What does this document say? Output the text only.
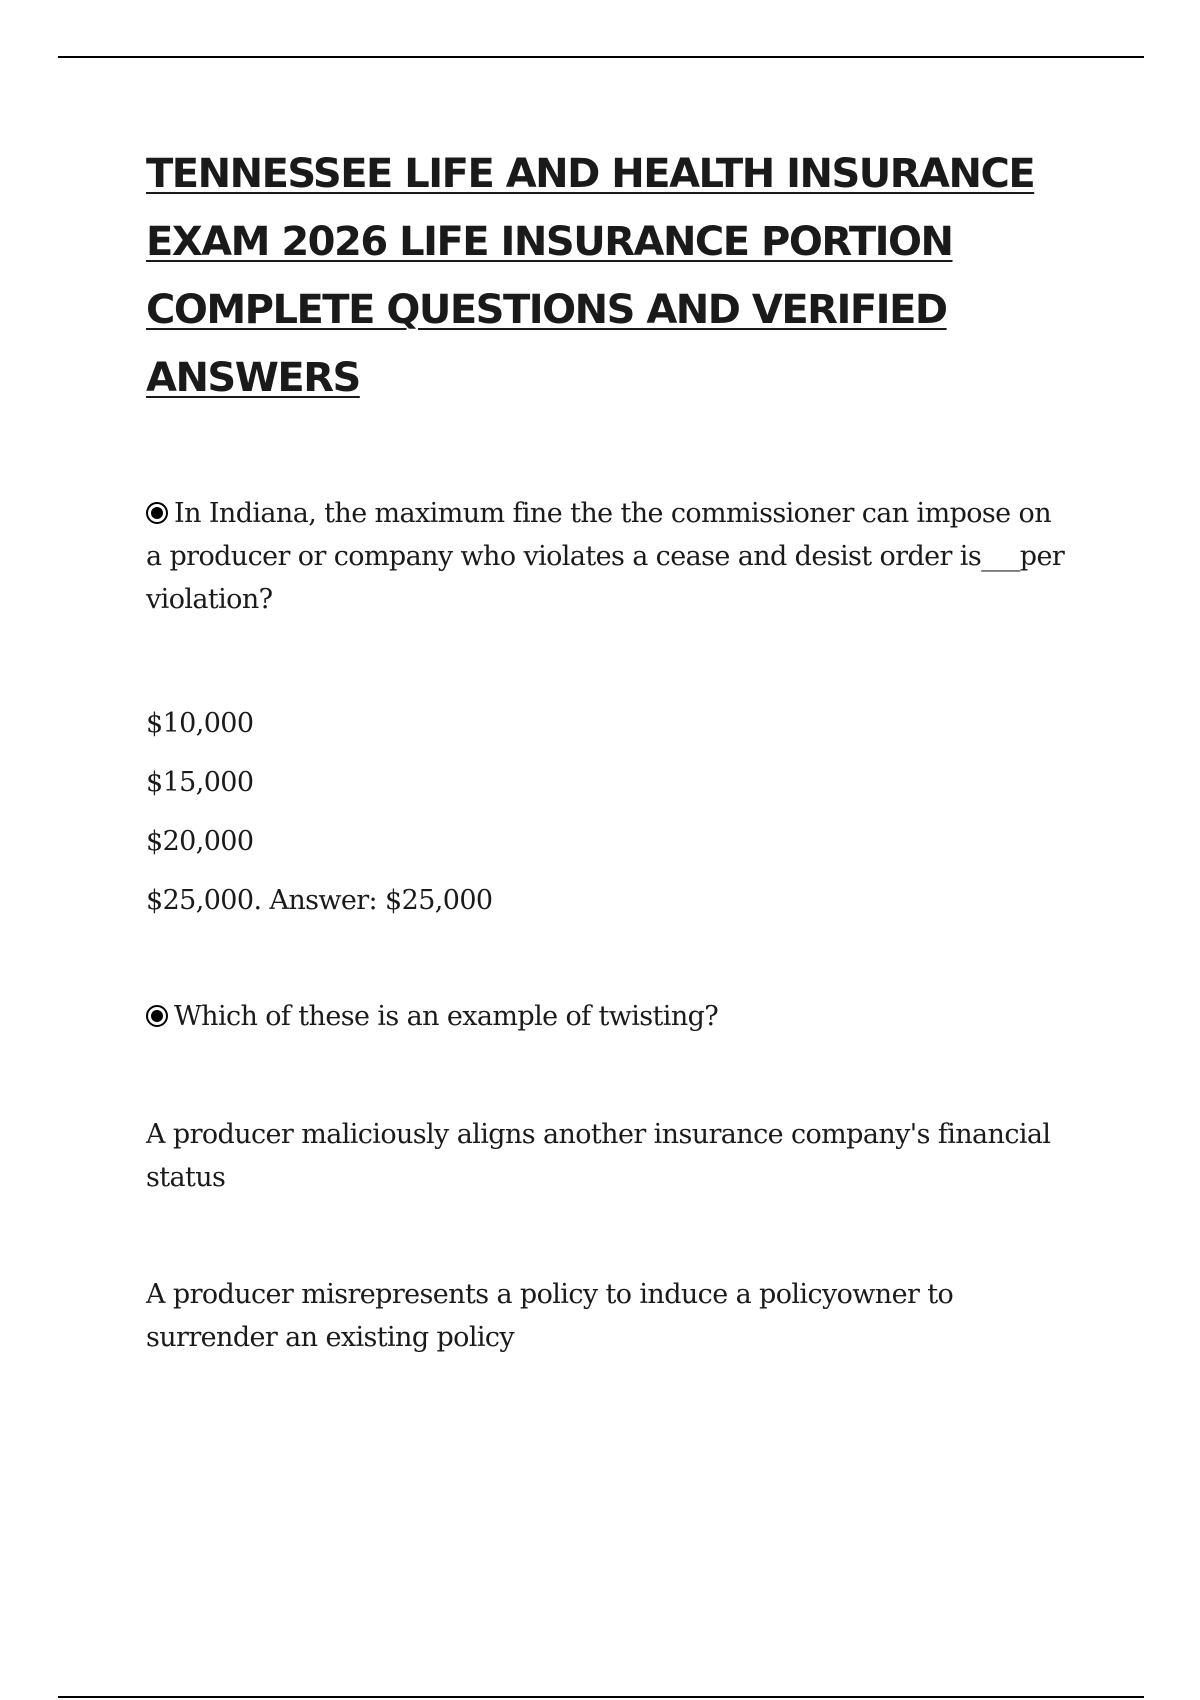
TENNESSEE LIFE AND HEALTH INSURANCE
EXAM 2026 LIFE INSURANCE PORTION
COMPLETE QUESTIONS AND VERIFIED
ANSWERS

In Indiana, the maximum fine the the commissioner can impose on a producer or company who violates a cease and desist order is___per violation?

$10,000
$15,000
$20,000
$25,000. Answer: $25,000

Which of these is an example of twisting?

A producer maliciously aligns another insurance company's financial status

A producer misrepresents a policy to induce a policyowner to surrender an existing policy
